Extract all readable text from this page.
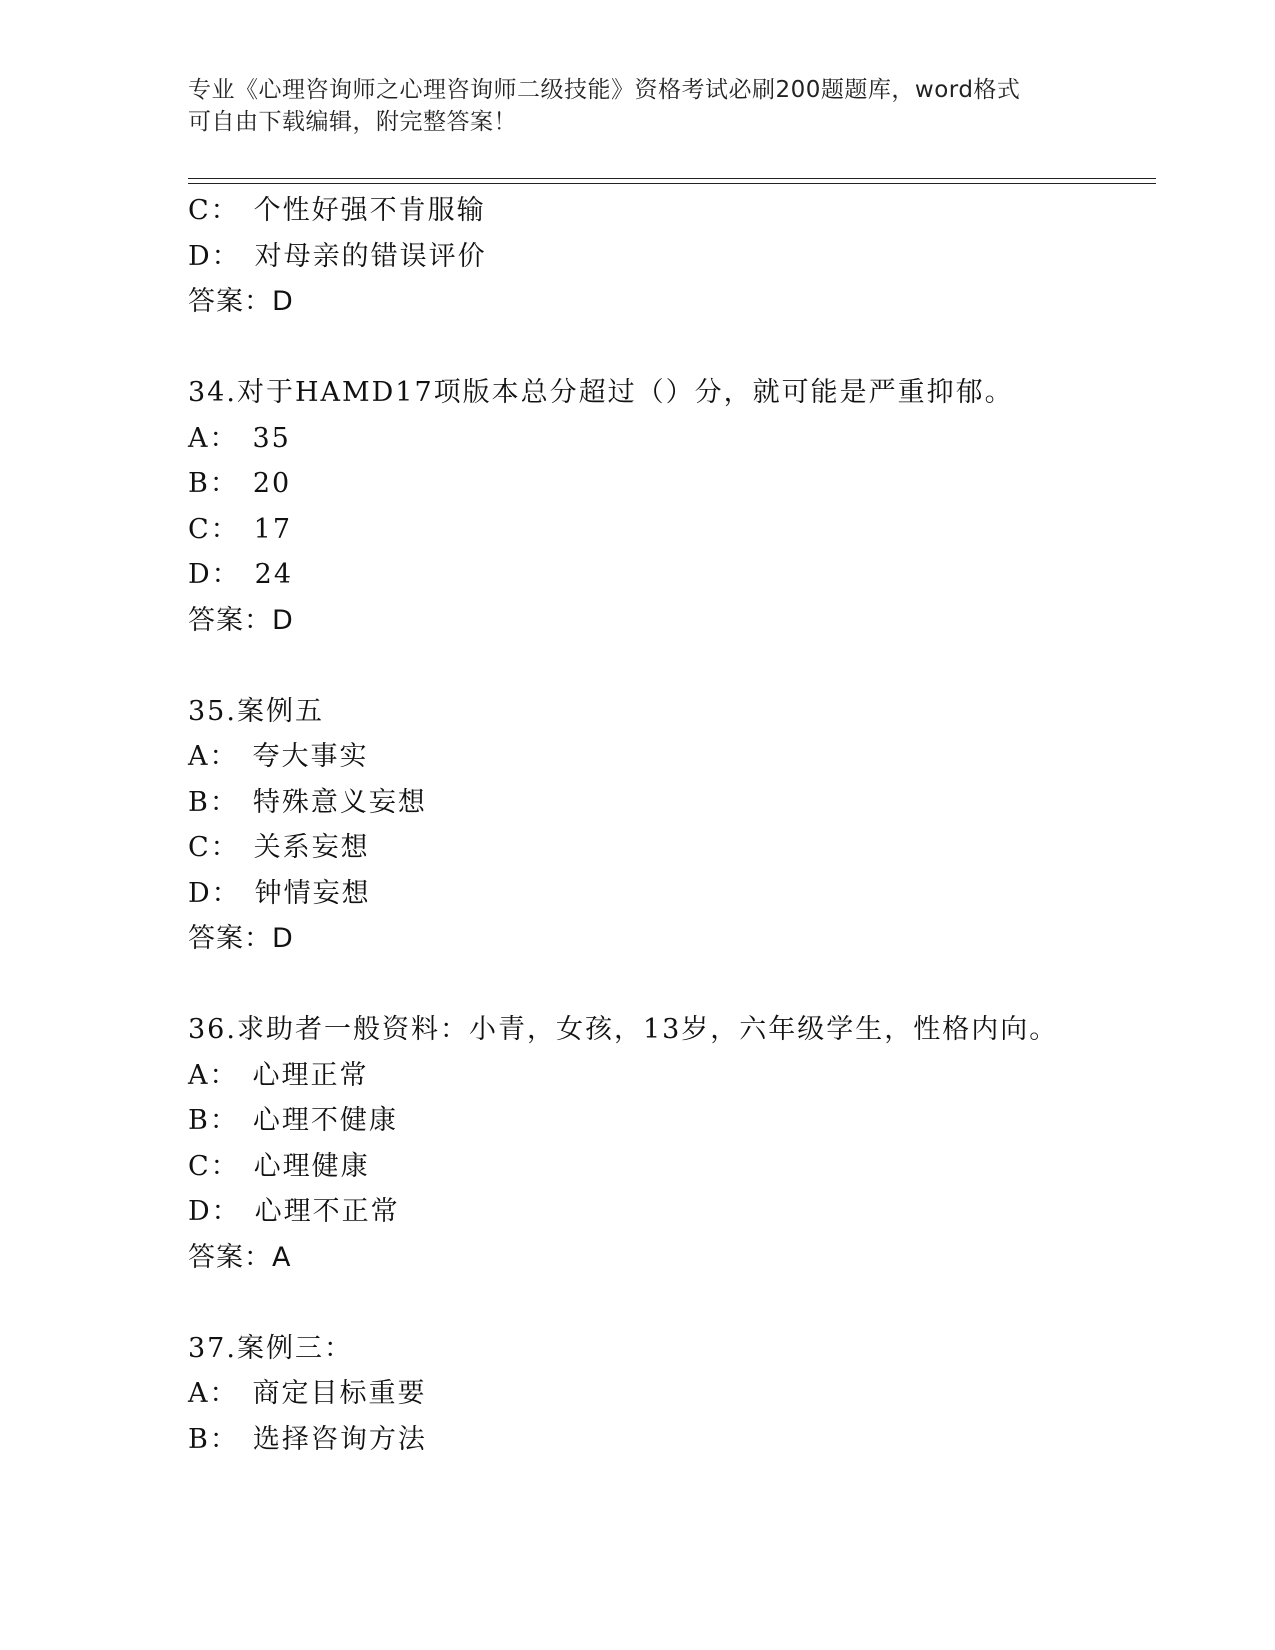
专业《心理咨询师之心理咨询师二级技能》资格考试必刷200题题库，word格式
可自由下载编辑，附完整答案！
C： 个性好强不肯服输
D： 对母亲的错误评价
答案：D
34.对于HAMD17项版本总分超过（）分，就可能是严重抑郁。
A： 35
B： 20
C： 17
D： 24
答案：D
35.案例五
A： 夸大事实
B： 特殊意义妄想
C： 关系妄想
D： 钟情妄想
答案：D
36.求助者一般资料：小青，女孩，13岁，六年级学生，性格内向。
A： 心理正常
B： 心理不健康
C： 心理健康
D： 心理不正常
答案：A
37.案例三：
A： 商定目标重要
B： 选择咨询方法
